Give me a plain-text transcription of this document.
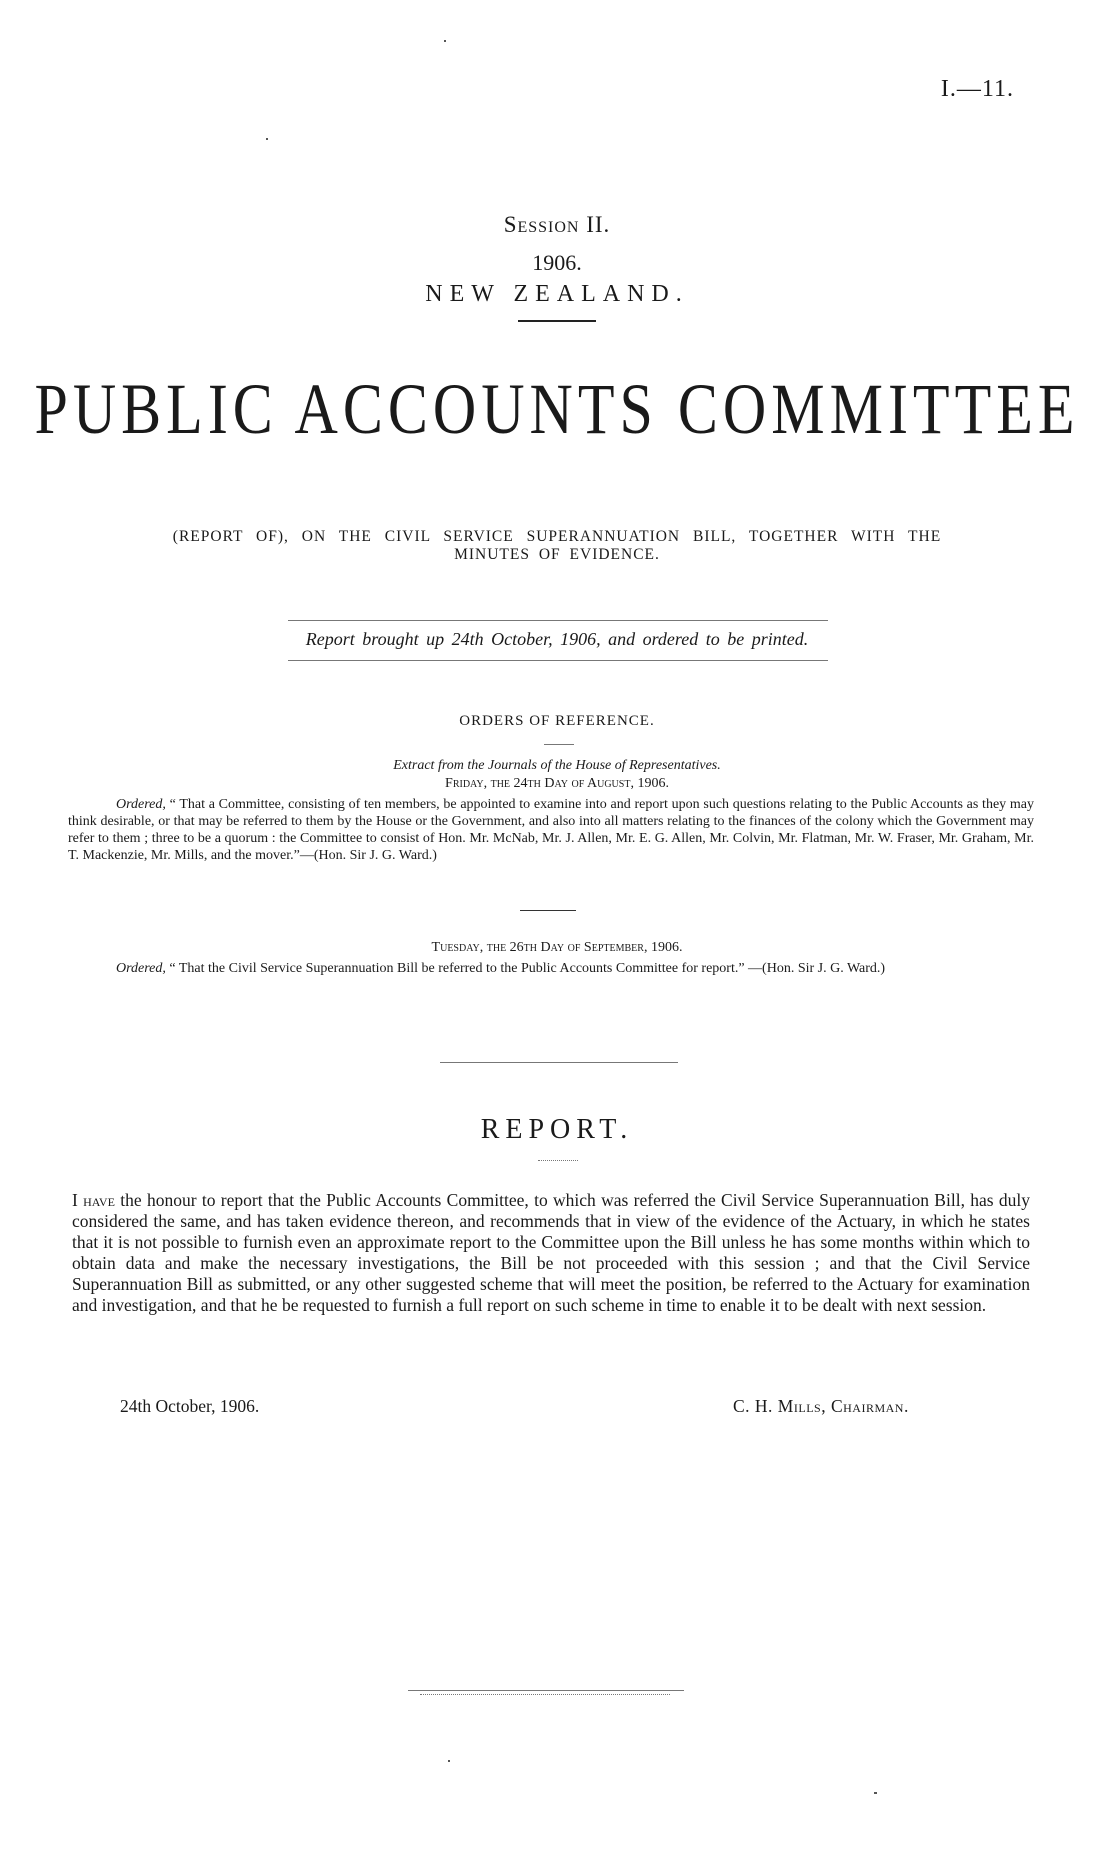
I.—11.
Session II.
1906.
NEW ZEALAND.
PUBLIC ACCOUNTS COMMITTEE
(REPORT OF), ON THE CIVIL SERVICE SUPERANNUATION BILL, TOGETHER WITH THE
MINUTES OF EVIDENCE.
Report brought up 24th October, 1906, and ordered to be printed.
ORDERS OF REFERENCE.
Extract from the Journals of the House of Representatives.
Friday, the 24th Day of August, 1906.
Ordered, “ That a Committee, consisting of ten members, be appointed to examine into and report upon such questions relating to the Public Accounts as they may think desirable, or that may be referred to them by the House or the Government, and also into all matters relating to the finances of the colony which the Government may refer to them ; three to be a quorum : the Committee to consist of Hon. Mr. McNab, Mr. J. Allen, Mr. E. G. Allen, Mr. Colvin, Mr. Flatman, Mr. W. Fraser, Mr. Graham, Mr. T. Mackenzie, Mr. Mills, and the mover.”—(Hon. Sir J. G. Ward.)
Tuesday, the 26th Day of September, 1906.
Ordered, “ That the Civil Service Superannuation Bill be referred to the Public Accounts Committee for report.” —(Hon. Sir J. G. Ward.)
REPORT.
I have the honour to report that the Public Accounts Committee, to which was referred the Civil Service Superannuation Bill, has duly considered the same, and has taken evidence thereon, and recommends that in view of the evidence of the Actuary, in which he states that it is not possible to furnish even an approximate report to the Committee upon the Bill unless he has some months within which to obtain data and make the necessary investigations, the Bill be not proceeded with this session ; and that the Civil Service Superannuation Bill as submitted, or any other suggested scheme that will meet the position, be referred to the Actuary for examination and investigation, and that he be requested to furnish a full report on such scheme in time to enable it to be dealt with next session.
24th October, 1906.	C. H. Mills, Chairman.
